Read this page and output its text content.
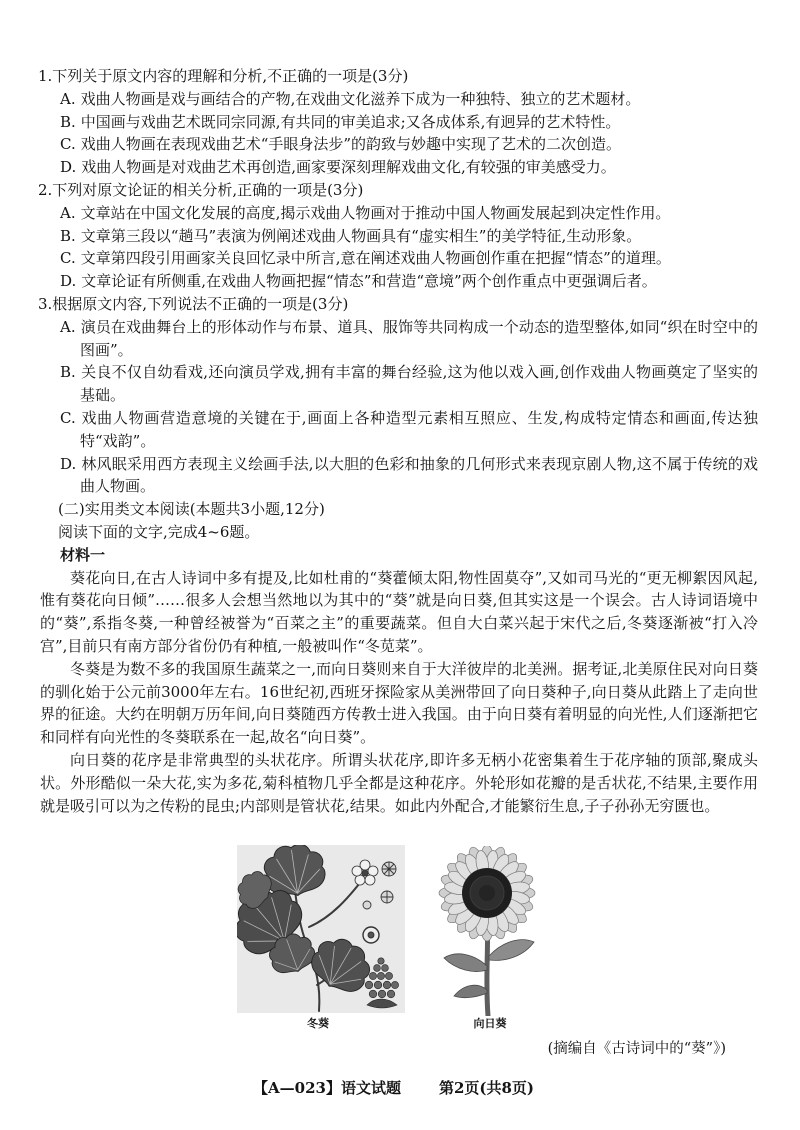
1.下列关于原文内容的理解和分析,不正确的一项是(3分)
A. 戏曲人物画是戏与画结合的产物,在戏曲文化滋养下成为一种独特、独立的艺术题材。
B. 中国画与戏曲艺术既同宗同源,有共同的审美追求;又各成体系,有迥异的艺术特性。
C. 戏曲人物画在表现戏曲艺术“手眼身法步”的韵致与妙趣中实现了艺术的二次创造。
D. 戏曲人物画是对戏曲艺术再创造,画家要深刻理解戏曲文化,有较强的审美感受力。
2.下列对原文论证的相关分析,正确的一项是(3分)
A. 文章站在中国文化发展的高度,揭示戏曲人物画对于推动中国人物画发展起到决定性作用。
B. 文章第三段以“趟马”表演为例阐述戏曲人物画具有“虚实相生”的美学特征,生动形象。
C. 文章第四段引用画家关良回忆录中所言,意在阐述戏曲人物画创作重在把握“情态”的道理。
D. 文章论证有所侧重,在戏曲人物画把握“情态”和营造“意境”两个创作重点中更强调后者。
3.根据原文内容,下列说法不正确的一项是(3分)
A. 演员在戏曲舞台上的形体动作与布景、道具、服饰等共同构成一个动态的造型整体,如同“织在时空中的图画”。
B. 关良不仅自幼看戏,还向演员学戏,拥有丰富的舞台经验,这为他以戏入画,创作戏曲人物画奠定了坚实的基础。
C. 戏曲人物画营造意境的关键在于,画面上各种造型元素相互照应、生发,构成特定情态和画面,传达独特“戏韵”。
D. 林风眠采用西方表现主义绘画手法,以大胆的色彩和抽象的几何形式来表现京剧人物,这不属于传统的戏曲人物画。
(二)实用类文本阅读(本题共3小题,12分)
阅读下面的文字,完成4~6题。
材料一
葵花向日,在古人诗词中多有提及,比如杜甫的“葵藿倾太阳,物性固莫夺”,又如司马光的“更无柳絮因风起,惟有葵花向日倾”……很多人会想当然地以为其中的“葵”就是向日葵,但其实这是一个误会。古人诗词语境中的“葵”,系指冬葵,一种曾经被誉为“百菜之主”的重要蔬菜。但自大白菜兴起于宋代之后,冬葵逐渐被“打入冷宫”,目前只有南方部分省份仍有种植,一般被叫作“冬苋菜”。
冬葵是为数不多的我国原生蔬菜之一,而向日葵则来自于大洋彼岸的北美洲。据考证,北美原住民对向日葵的驯化始于公元前3000年左右。16世纪初,西班牙探险家从美洲带回了向日葵种子,向日葵从此踏上了走向世界的征途。大约在明朝万历年间,向日葵随西方传教士进入我国。由于向日葵有着明显的向光性,人们逐渐把它和同样有向光性的冬葵联系在一起,故名“向日葵”。
向日葵的花序是非常典型的头状花序。所谓头状花序,即许多无柄小花密集着生于花序轴的顶部,聚成头状。外形酷似一朵大花,实为多花,菊科植物几乎全都是这种花序。外轮形如花瓣的是舌状花,不结果,主要作用就是吸引可以为之传粉的昆虫;内部则是管状花,结果。如此内外配合,才能繁衍生息,子子孙孙无穷匮也。
冬葵	向日葵
(摘编自《古诗词中的“葵”》)
【A—023】语文试题	第2页(共8页)
